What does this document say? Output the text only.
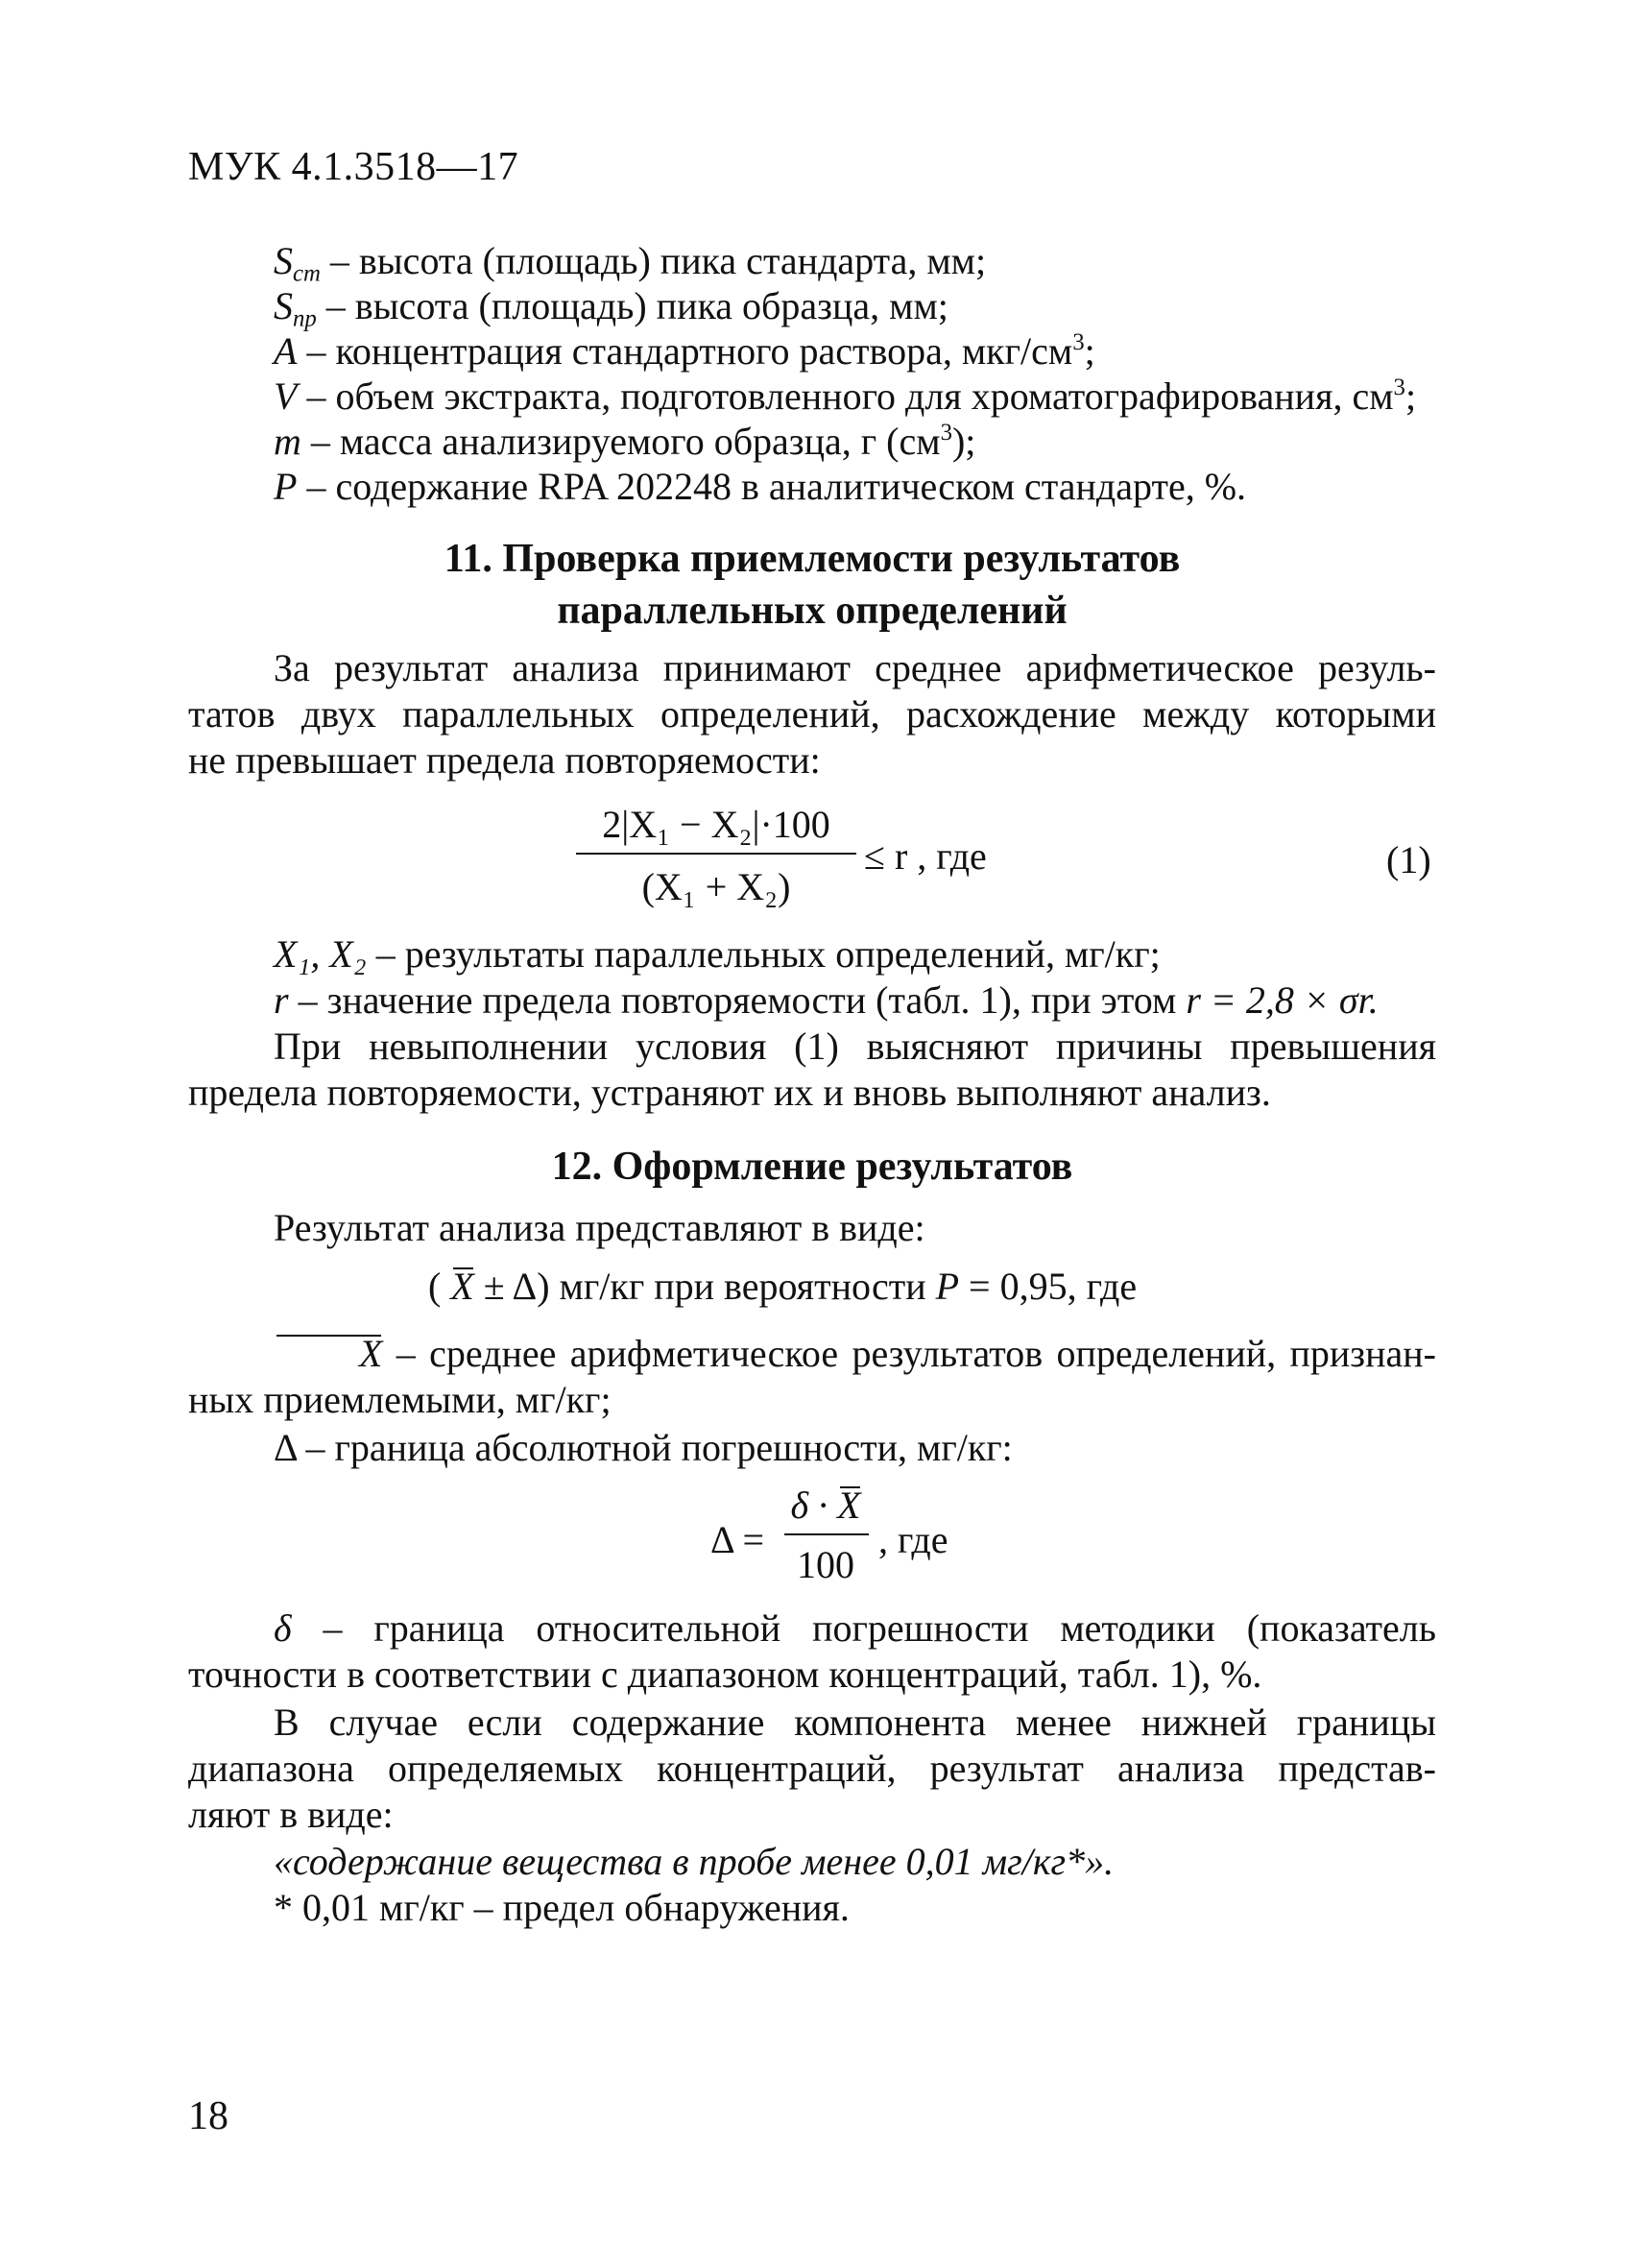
МУК 4.1.3518—17
$S_{ст}$ – высота (площадь) пика стандарта, мм;
$S_{пр}$ – высота (площадь) пика образца, мм;
A – концентрация стандартного раствора, мкг/$см^3$;
V – объем экстракта, подготовленного для хроматографирования, $см^3$;
m – масса анализируемого образца, г $(см^3)$;
P – содержание RPA 202248 в аналитическом стандарте, %.
11. Проверка приемлемости результатов
параллельных определений

За результат анализа принимают среднее арифметическое резуль-

татов двух параллельных определений, расхождение между которыми

не превышает предела повторяемости:

2|X₁ − X₂|·100
(X₁ + X₂)
≤ r , где	(1)

X₁, X₂ – результаты параллельных определений, мг/кг;

r – значение предела повторяемости (табл. 1), при этом r = 2,8 × σr.

При невыполнении условия (1) выясняют причины превышения

предела повторяемости, устраняют их и вновь выполняют анализ.

12. Оформление результатов
Результат анализа представляют в виде:
( X ± Δ) мг/кг при вероятности P = 0,95, где

X – среднее арифметическое результатов определений, признан-

ных приемлемыми, мг/кг;

Δ – граница абсолютной погрешности, мг/кг:
Δ =
δ · X
100
, где

δ – граница относительной погрешности методики (показатель

точности в соответствии с диапазоном концентраций, табл. 1), %.

В случае если содержание компонента менее нижней границы

диапазона определяемых концентраций, результат анализа представ-

ляют в виде:

«содержание вещества в пробе менее 0,01 мг/кг*».
* 0,01 мг/кг – предел обнаружения.
18
